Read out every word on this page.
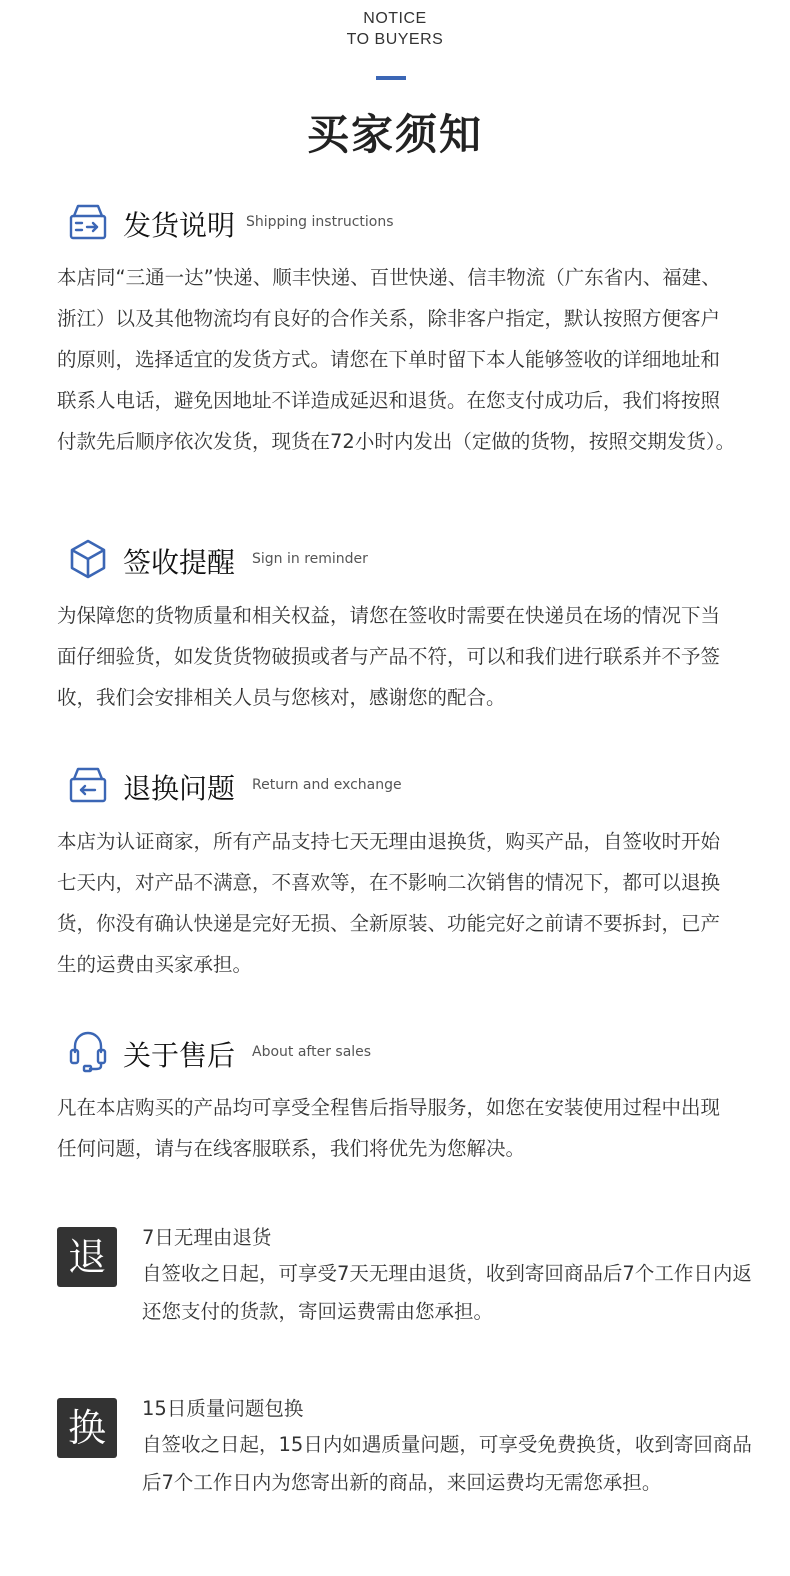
NOTICE
TO BUYERS
买家须知
发货说明 Shipping instructions

本店同“三通一达”快递、顺丰快递、百世快递、信丰物流（广东省内、福建、浙江）以及其他物流均有良好的合作关系，除非客户指定，默认按照方便客户的原则，选择适宜的发货方式。请您在下单时留下本人能够签收的详细地址和联系人电话，避免因地址不详造成延迟和退货。在您支付成功后，我们将按照付款先后顺序依次发货，现货在72小时内发出（定做的货物，按照交期发货）。

签收提醒 Sign in reminder

为保障您的货物质量和相关权益，请您在签收时需要在快递员在场的情况下当面仔细验货，如发货货物破损或者与产品不符，可以和我们进行联系并不予签收，我们会安排相关人员与您核对，感谢您的配合。

退换问题 Return and exchange

本店为认证商家，所有产品支持七天无理由退换货，购买产品，自签收时开始七天内，对产品不满意，不喜欢等，在不影响二次销售的情况下，都可以退换货，你没有确认快递是完好无损、全新原装、功能完好之前请不要拆封，已产生的运费由买家承担。

关于售后 About after sales

凡在本店购买的产品均可享受全程售后指导服务，如您在安装使用过程中出现任何问题，请与在线客服联系，我们将优先为您解决。

退	7日无理由退货

自签收之日起，可享受7天无理由退货，收到寄回商品后7个工作日内返还您支付的货款，寄回运费需由您承担。

换	15日质量问题包换

自签收之日起，15日内如遇质量问题，可享受免费换货，收到寄回商品后7个工作日内为您寄出新的商品，来回运费均无需您承担。
